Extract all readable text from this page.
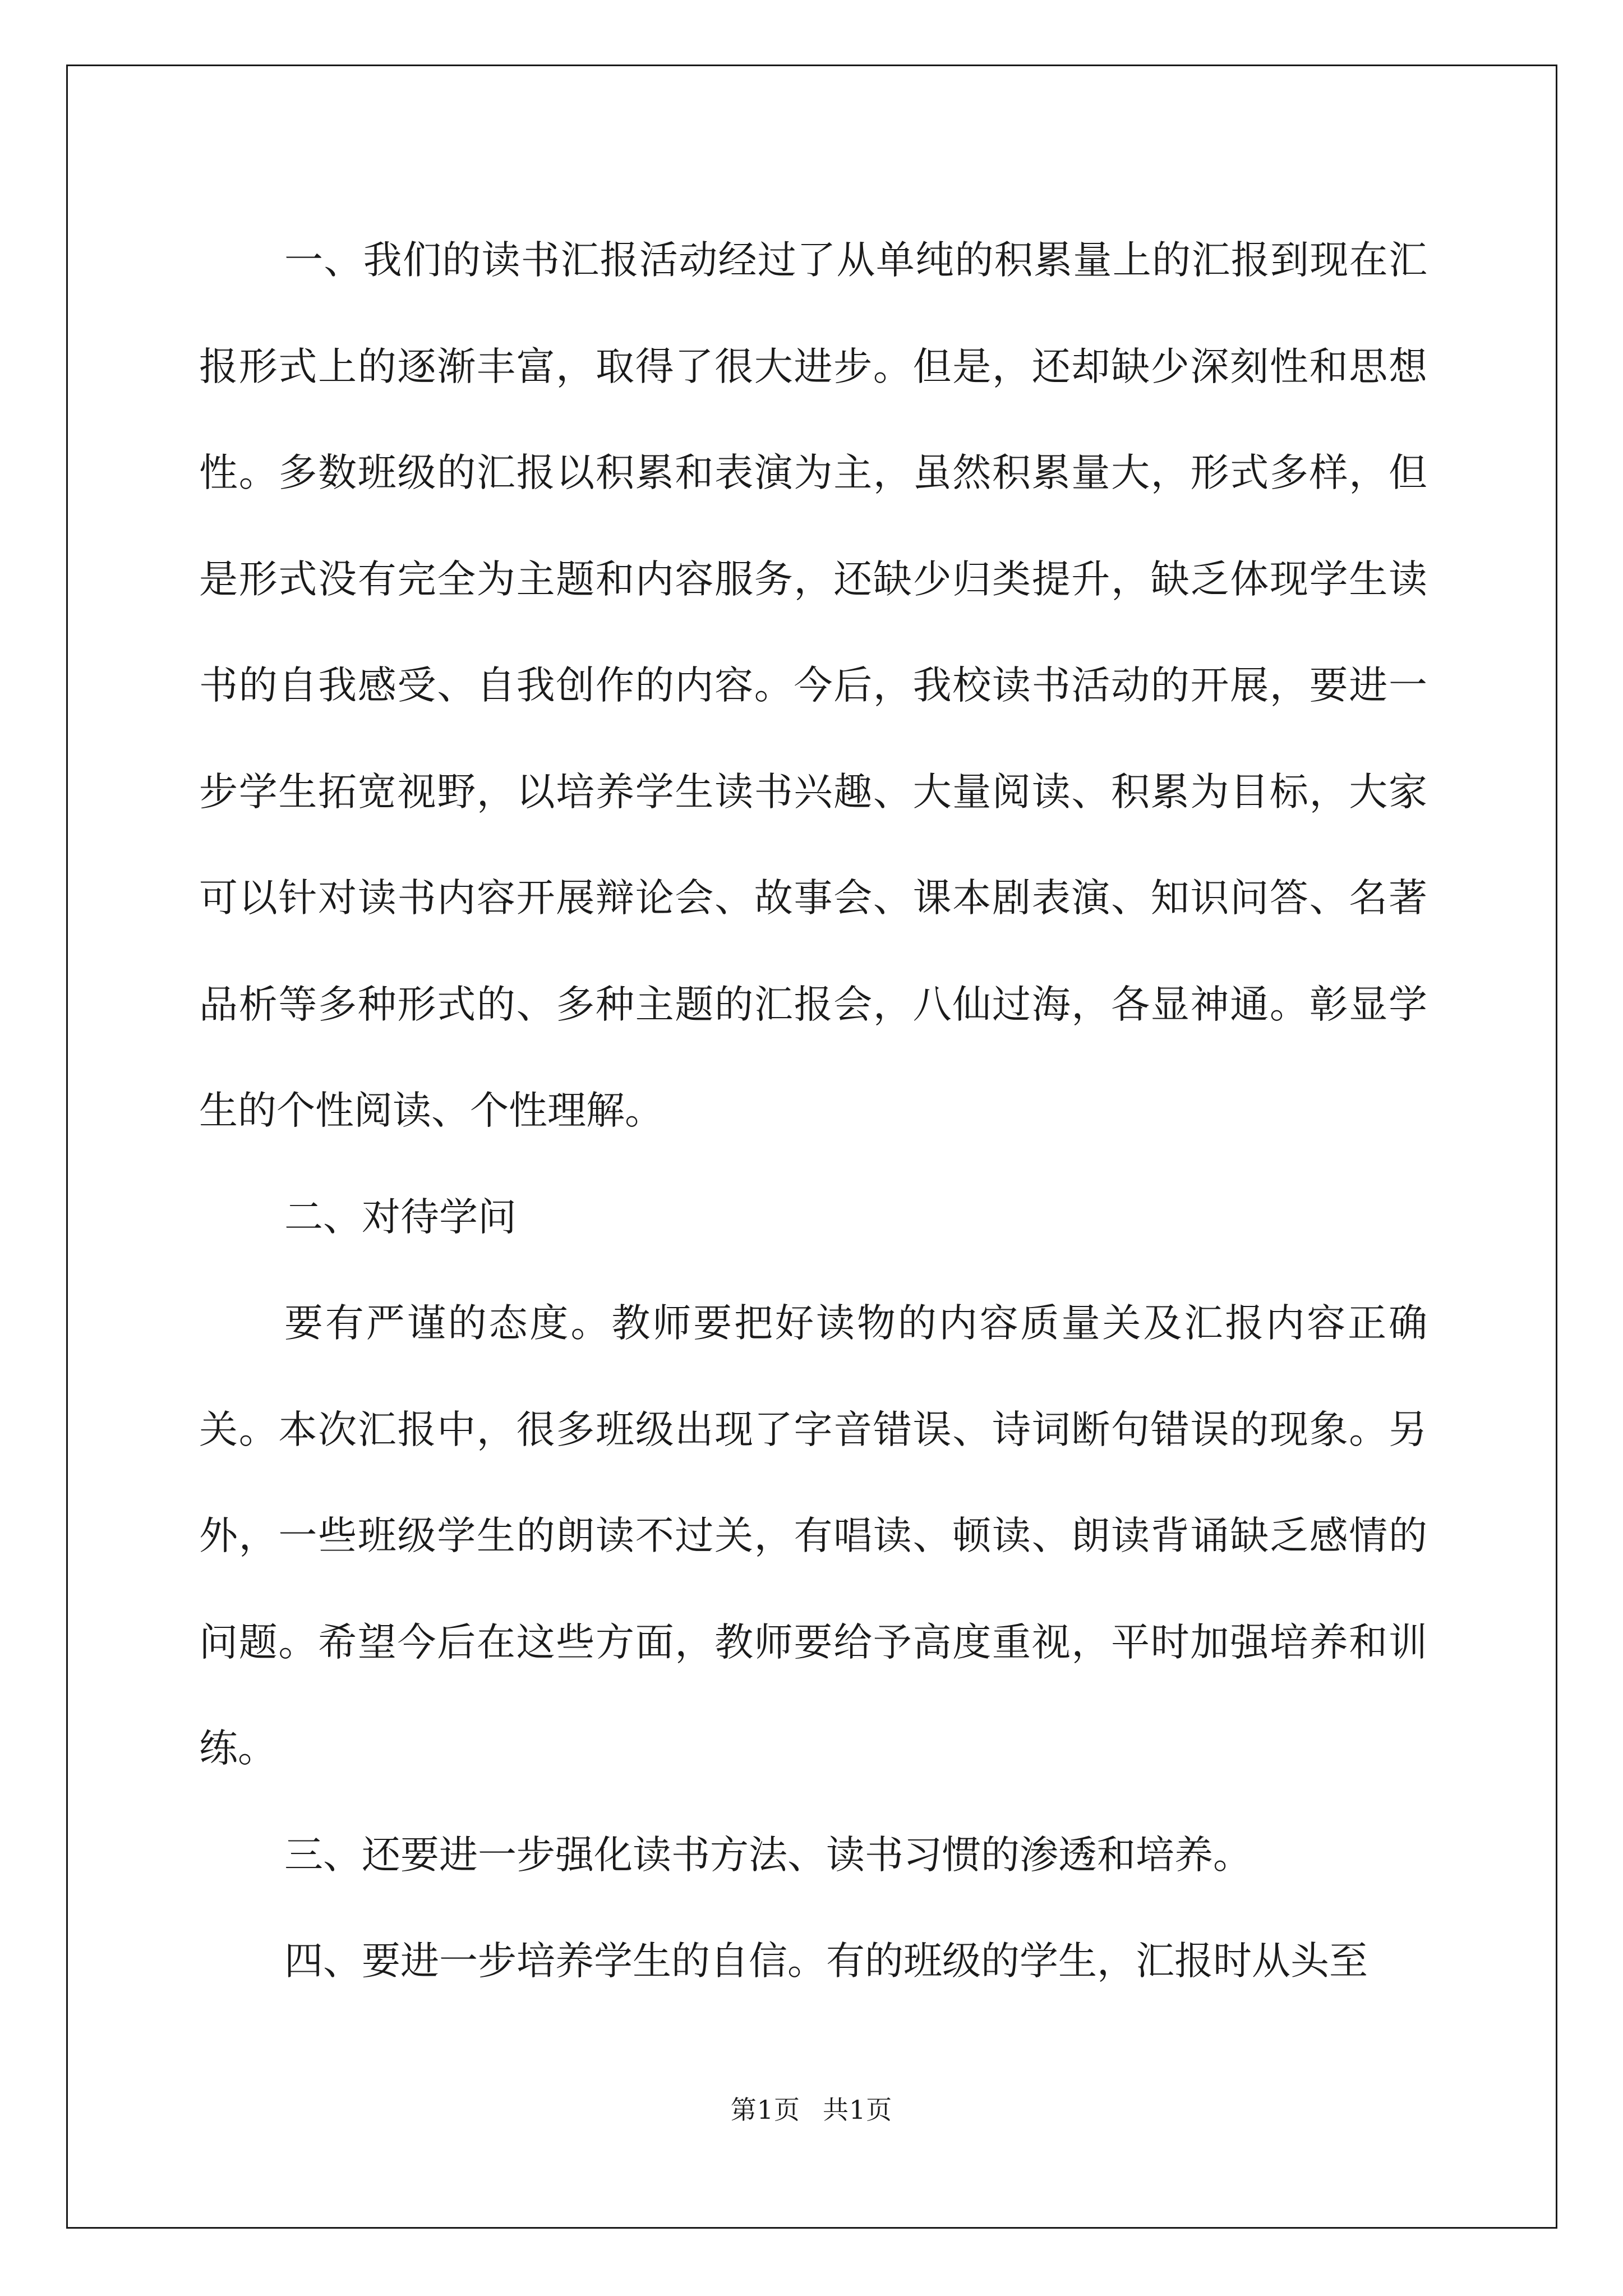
一、我们的读书汇报活动经过了从单纯的积累量上的汇报到现在汇报形式上的逐渐丰富，取得了很大进步。但是，还却缺少深刻性和思想性。多数班级的汇报以积累和表演为主，虽然积累量大，形式多样，但是形式没有完全为主题和内容服务，还缺少归类提升，缺乏体现学生读书的自我感受、自我创作的内容。今后，我校读书活动的开展，要进一步学生拓宽视野，以培养学生读书兴趣、大量阅读、积累为目标，大家可以针对读书内容开展辩论会、故事会、课本剧表演、知识问答、名著品析等多种形式的、多种主题的汇报会，八仙过海，各显神通。彰显学生的个性阅读、个性理解。

二、对待学问

要有严谨的态度。教师要把好读物的内容质量关及汇报内容正确关。本次汇报中，很多班级出现了字音错误、诗词断句错误的现象。另外，一些班级学生的朗读不过关，有唱读、顿读、朗读背诵缺乏感情的问题。希望今后在这些方面，教师要给予高度重视，平时加强培养和训练。

三、还要进一步强化读书方法、读书习惯的渗透和培养。

四、要进一步培养学生的自信。有的班级的学生，汇报时从头至

第1页 共1页
